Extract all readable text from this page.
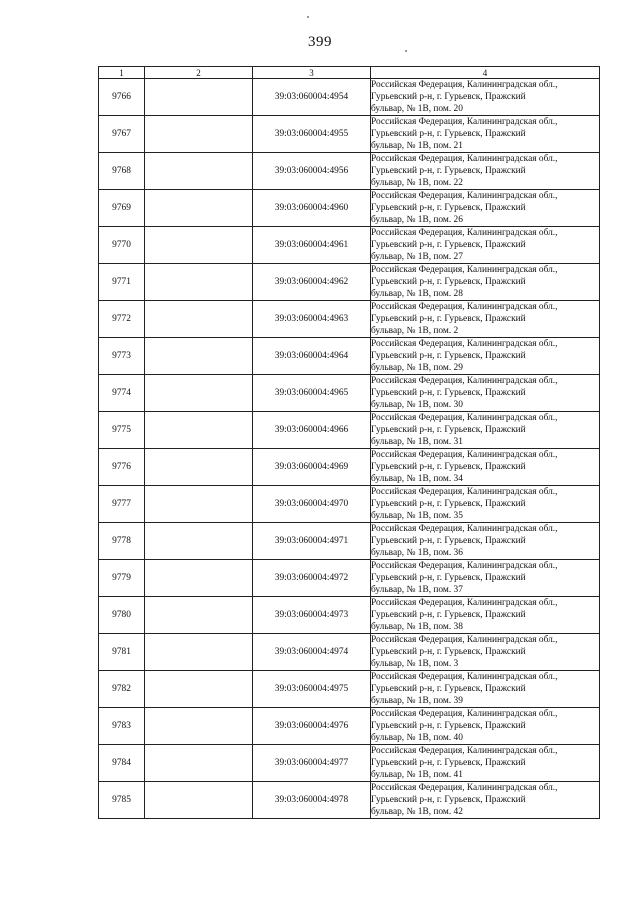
399
1	2	3	4
9766		39:03:060004:4954	Российская Федерация, Калининградская обл.,
Гурьевский р-н, г. Гурьевск, Пражский
бульвар, № 1В, пом. 20

9767		39:03:060004:4955	Российская Федерация, Калининградская обл.,
Гурьевский р-н, г. Гурьевск, Пражский
бульвар, № 1В, пом. 21

9768		39:03:060004:4956	Российская Федерация, Калининградская обл.,
Гурьевский р-н, г. Гурьевск, Пражский
бульвар, № 1В, пом. 22

9769		39:03:060004:4960	Российская Федерация, Калининградская обл.,
Гурьевский р-н, г. Гурьевск, Пражский
бульвар, № 1В, пом. 26

9770		39:03:060004:4961	Российская Федерация, Калининградская обл.,
Гурьевский р-н, г. Гурьевск, Пражский
бульвар, № 1В, пом. 27

9771		39:03:060004:4962	Российская Федерация, Калининградская обл.,
Гурьевский р-н, г. Гурьевск, Пражский
бульвар, № 1В, пом. 28

9772		39:03:060004:4963	Российская Федерация, Калининградская обл.,
Гурьевский р-н, г. Гурьевск, Пражский
бульвар, № 1В, пом. 2

9773		39:03:060004:4964	Российская Федерация, Калининградская обл.,
Гурьевский р-н, г. Гурьевск, Пражский
бульвар, № 1В, пом. 29

9774		39:03:060004:4965	Российская Федерация, Калининградская обл.,
Гурьевский р-н, г. Гурьевск, Пражский
бульвар, № 1В, пом. 30

9775		39:03:060004:4966	Российская Федерация, Калининградская обл.,
Гурьевский р-н, г. Гурьевск, Пражский
бульвар, № 1В, пом. 31

9776		39:03:060004:4969	Российская Федерация, Калининградская обл.,
Гурьевский р-н, г. Гурьевск, Пражский
бульвар, № 1В, пом. 34

9777		39:03:060004:4970	Российская Федерация, Калининградская обл.,
Гурьевский р-н, г. Гурьевск, Пражский
бульвар, № 1В, пом. 35

9778		39:03:060004:4971	Российская Федерация, Калининградская обл.,
Гурьевский р-н, г. Гурьевск, Пражский
бульвар, № 1В, пом. 36

9779		39:03:060004:4972	Российская Федерация, Калининградская обл.,
Гурьевский р-н, г. Гурьевск, Пражский
бульвар, № 1В, пом. 37

9780		39:03:060004:4973	Российская Федерация, Калининградская обл.,
Гурьевский р-н, г. Гурьевск, Пражский
бульвар, № 1В, пом. 38

9781		39:03:060004:4974	Российская Федерация, Калининградская обл.,
Гурьевский р-н, г. Гурьевск, Пражский
бульвар, № 1В, пом. 3

9782		39:03:060004:4975	Российская Федерация, Калининградская обл.,
Гурьевский р-н, г. Гурьевск, Пражский
бульвар, № 1В, пом. 39

9783		39:03:060004:4976	Российская Федерация, Калининградская обл.,
Гурьевский р-н, г. Гурьевск, Пражский
бульвар, № 1В, пом. 40

9784		39:03:060004:4977	Российская Федерация, Калининградская обл.,
Гурьевский р-н, г. Гурьевск, Пражский
бульвар, № 1В, пом. 41

9785		39:03:060004:4978	Российская Федерация, Калининградская обл.,
Гурьевский р-н, г. Гурьевск, Пражский
бульвар, № 1В, пом. 42
